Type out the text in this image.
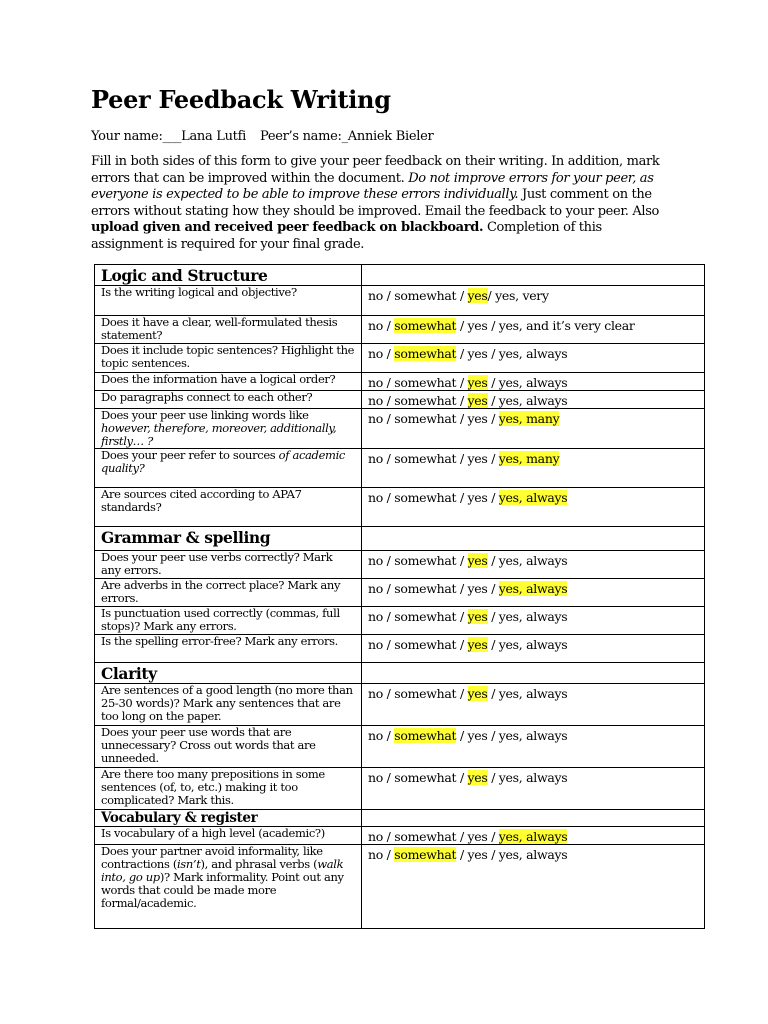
Peer Feedback Writing
Your name:___Lana Lutfi Peer’s name:_Anniek Bieler
Fill in both sides of this form to give your peer feedback on their writing. In addition, mark errors that can be improved within the document. Do not improve errors for your peer, as everyone is expected to be able to improve these errors individually. Just comment on the errors without stating how they should be improved. Email the feedback to your peer. Also upload given and received peer feedback on blackboard. Completion of this assignment is required for your final grade.
Logic and Structure	
Is the writing logical and objective?	no / somewhat / yes/ yes, very
Does it have a clear, well-formulated thesis statement?	no / somewhat / yes / yes, and it’s very clear
Does it include topic sentences? Highlight the topic sentences.	no / somewhat / yes / yes, always
Does the information have a logical order?	no / somewhat / yes / yes, always
Do paragraphs connect to each other?	no / somewhat / yes / yes, always
Does your peer use linking words like however, therefore, moreover, additionally, firstly… ?	no / somewhat / yes / yes, many
Does your peer refer to sources of academic quality?	no / somewhat / yes / yes, many
Are sources cited according to APA7 standards?	no / somewhat / yes / yes, always
Grammar & spelling	
Does your peer use verbs correctly? Mark any errors.	no / somewhat / yes / yes, always
Are adverbs in the correct place? Mark any errors.	no / somewhat / yes / yes, always
Is punctuation used correctly (commas, full stops)? Mark any errors.	no / somewhat / yes / yes, always
Is the spelling error-free? Mark any errors.	no / somewhat / yes / yes, always
Clarity	
Are sentences of a good length (no more than 25-30 words)? Mark any sentences that are too long on the paper.	no / somewhat / yes / yes, always
Does your peer use words that are unnecessary? Cross out words that are unneeded.	no / somewhat / yes / yes, always
Are there too many prepositions in some sentences (of, to, etc.) making it too complicated? Mark this.	no / somewhat / yes / yes, always
Vocabulary & register	
Is vocabulary of a high level (academic?)	no / somewhat / yes / yes, always
Does your partner avoid informality, like contractions (isn’t), and phrasal verbs (walk into, go up)? Mark informality. Point out any words that could be made more formal/academic.	no / somewhat / yes / yes, always
